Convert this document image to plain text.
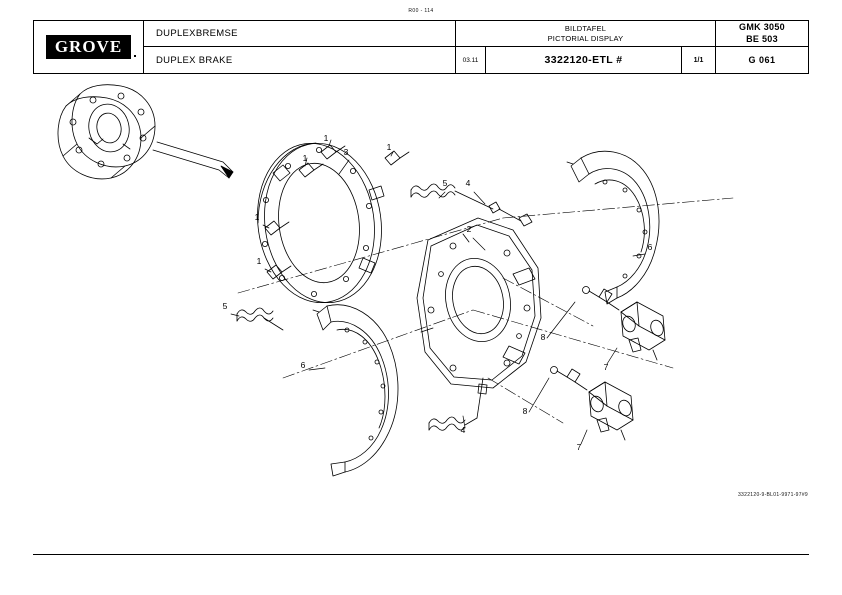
R00 - 114
GROVE
DUPLEXBREMSE
DUPLEX BRAKE
BILDTAFEL
PICTORIAL DISPLAY
GMK 3050
BE 503
03.11	3322120-ETL #	1/1	G 061
1
1
3	1
1
1
5 4
2
6
5
8
7
6
4
8
7
3322120-9-BL01-9971-97#9
